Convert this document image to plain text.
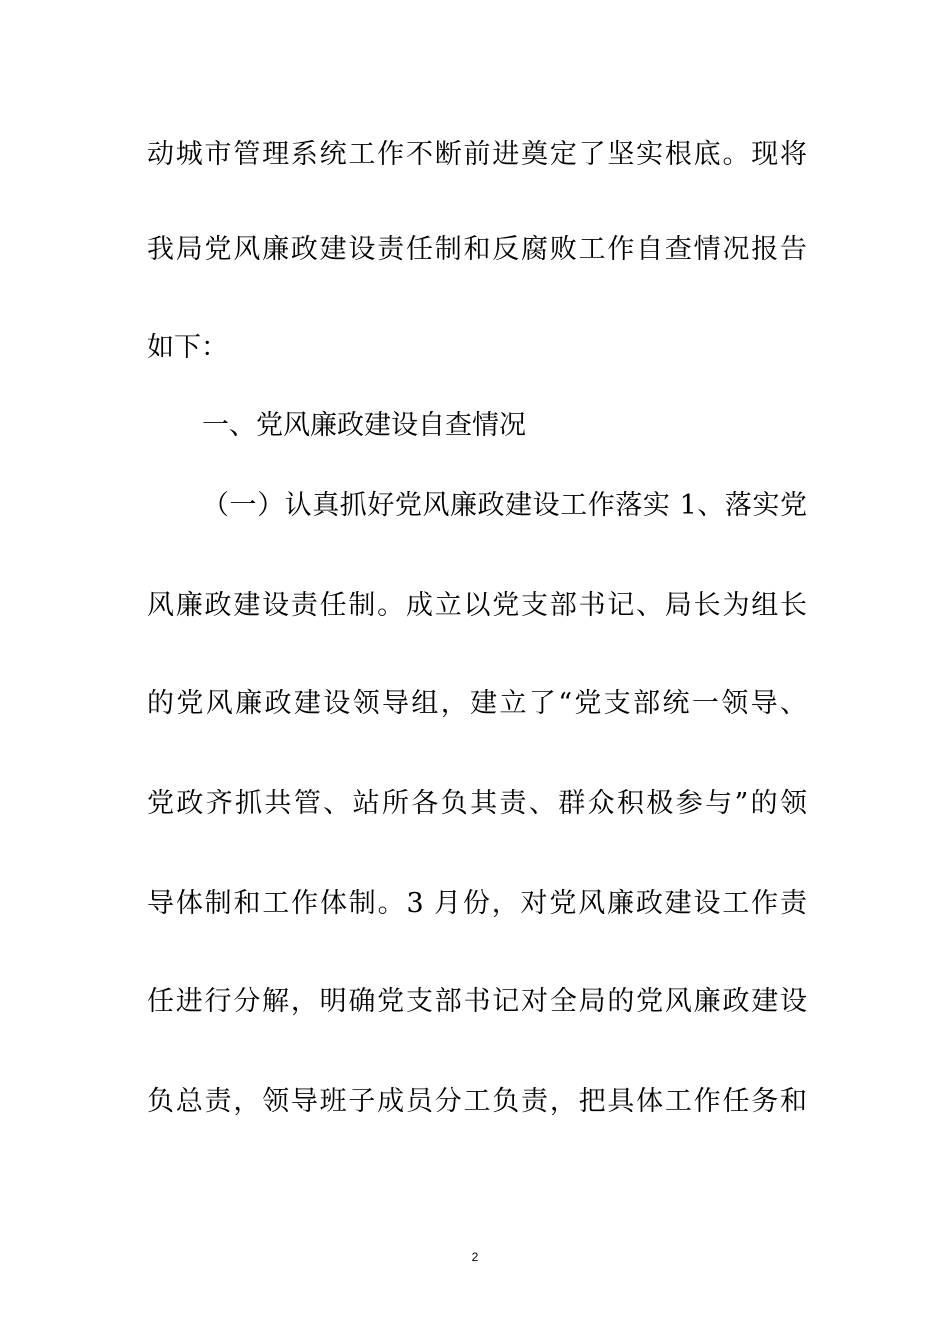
动城市管理系统工作不断前进奠定了坚实根底。现将
我局党风廉政建设责任制和反腐败工作自查情况报告
如下：
一、党风廉政建设自查情况
（一）认真抓好党风廉政建设工作落实 1、落实党
风廉政建设责任制。成立以党支部书记、局长为组长
的党风廉政建设领导组，建立了“党支部统一领导、
党政齐抓共管、站所各负其责、群众积极参与”的领
导体制和工作体制。3 月份，对党风廉政建设工作责
任进行分解，明确党支部书记对全局的党风廉政建设
负总责，领导班子成员分工负责，把具体工作任务和
2
